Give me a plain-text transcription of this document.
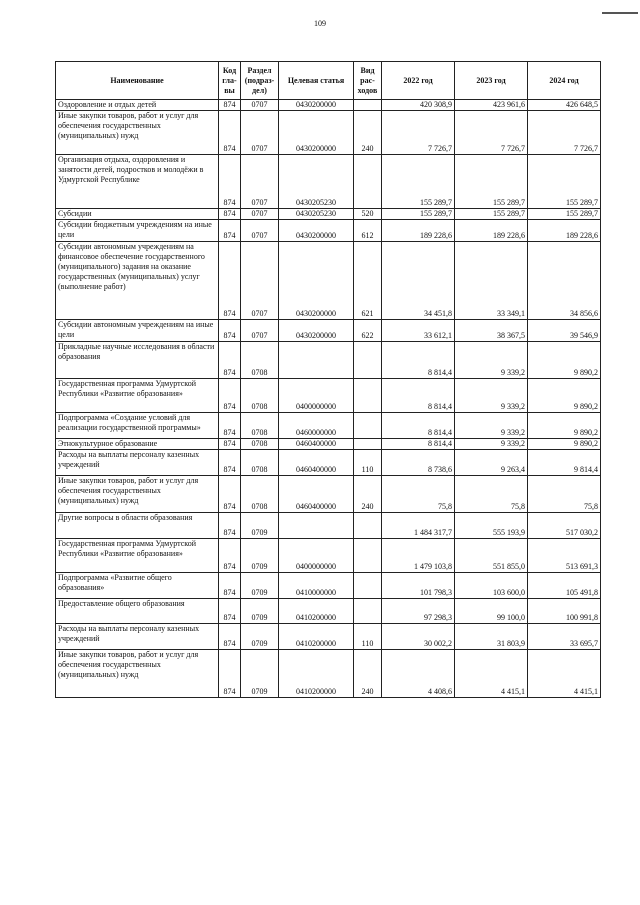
109
Наименование	Код гла-вы	Раздел (подраз-дел)	Целевая статья	Вид рас-ходов	2022 год	2023 год	2024 год
Оздоровление и отдых детей	874	0707	0430200000		420 308,9	423 961,6	426 648,5
Иные закупки товаров, работ и услуг для обеспечения государственных (муниципальных) нужд	874	0707	0430200000	240	7 726,7	7 726,7	7 726,7
Организация отдыха, оздоровления и занятости детей, подростков и молодёжи в Удмуртской Республике	874	0707	0430205230		155 289,7	155 289,7	155 289,7
Субсидии	874	0707	0430205230	520	155 289,7	155 289,7	155 289,7
Субсидии бюджетным учреждениям на иные цели	874	0707	0430200000	612	189 228,6	189 228,6	189 228,6
Субсидии автономным учреждениям на финансовое обеспечение государственного (муниципального) задания на оказание государственных (муниципальных) услуг (выполнение работ)	874	0707	0430200000	621	34 451,8	33 349,1	34 856,6
Субсидии автономным учреждениям на иные цели	874	0707	0430200000	622	33 612,1	38 367,5	39 546,9
Прикладные научные исследования в области образования	874	0708			8 814,4	9 339,2	9 890,2
Государственная программа Удмуртской Республики «Развитие образования»	874	0708	0400000000		8 814,4	9 339,2	9 890,2
Подпрограмма «Создание условий для реализации государственной программы»	874	0708	0460000000		8 814,4	9 339,2	9 890,2
Этнокультурное образование	874	0708	0460400000		8 814,4	9 339,2	9 890,2
Расходы на выплаты персоналу казенных учреждений	874	0708	0460400000	110	8 738,6	9 263,4	9 814,4
Иные закупки товаров, работ и услуг для обеспечения государственных (муниципальных) нужд	874	0708	0460400000	240	75,8	75,8	75,8
Другие вопросы в области образования	874	0709			1 484 317,7	555 193,9	517 030,2
Государственная программа Удмуртской Республики «Развитие образования»	874	0709	0400000000		1 479 103,8	551 855,0	513 691,3
Подпрограмма «Развитие общего образования»	874	0709	0410000000		101 798,3	103 600,0	105 491,8
Предоставление общего образования	874	0709	0410200000		97 298,3	99 100,0	100 991,8
Расходы на выплаты персоналу казенных учреждений	874	0709	0410200000	110	30 002,2	31 803,9	33 695,7
Иные закупки товаров, работ и услуг для обеспечения государственных (муниципальных) нужд	874	0709	0410200000	240	4 408,6	4 415,1	4 415,1
